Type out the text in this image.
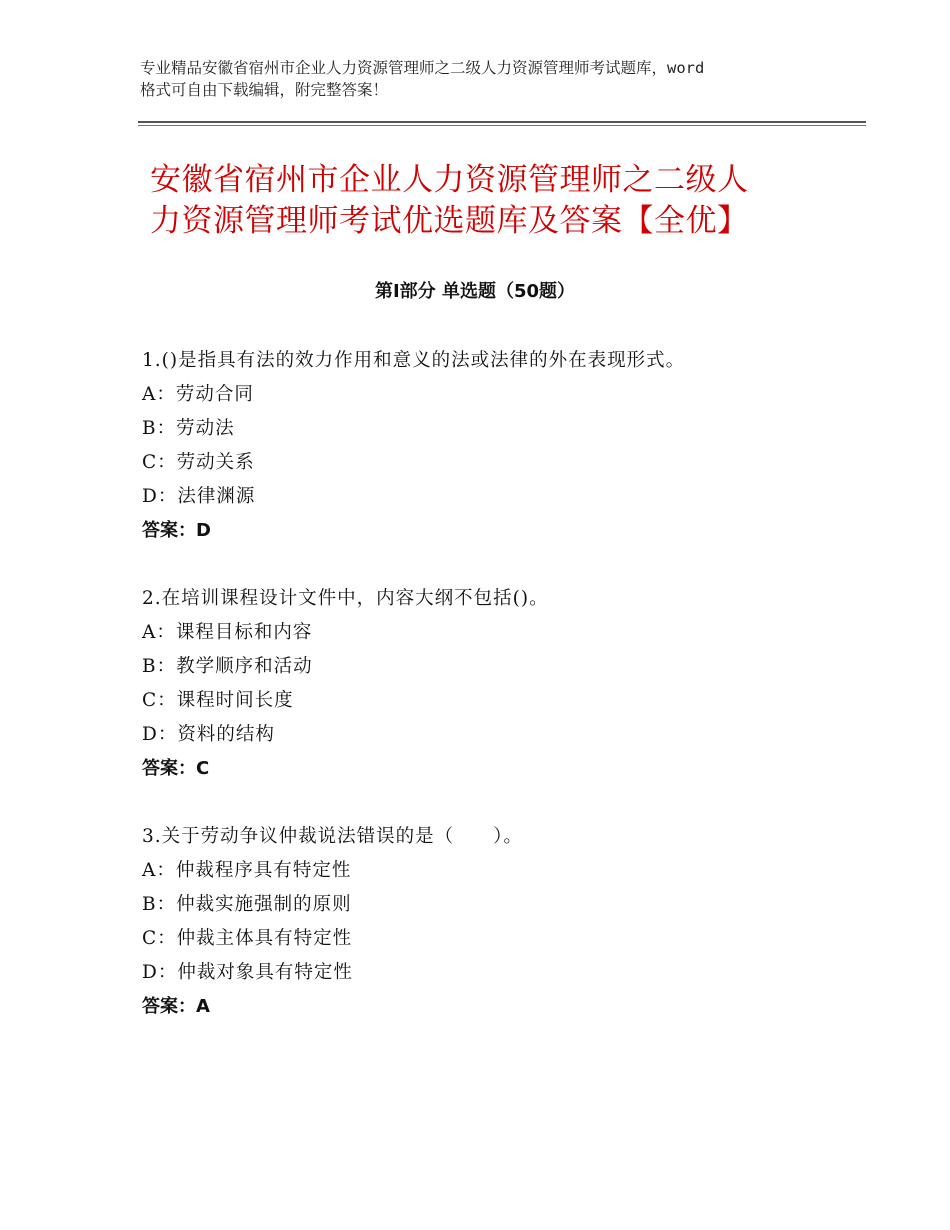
专业精品安徽省宿州市企业人力资源管理师之二级人力资源管理师考试题库，word
格式可自由下载编辑，附完整答案！
安徽省宿州市企业人力资源管理师之二级人
力资源管理师考试优选题库及答案【全优】
第Ⅰ部分 单选题（50题）
1.()是指具有法的效力作用和意义的法或法律的外在表现形式。
A：劳动合同
B：劳动法
C：劳动关系
D：法律渊源
答案：D
2.在培训课程设计文件中，内容大纲不包括()。
A：课程目标和内容
B：教学顺序和活动
C：课程时间长度
D：资料的结构
答案：C
3.关于劳动争议仲裁说法错误的是（　　）。
A：仲裁程序具有特定性
B：仲裁实施强制的原则
C：仲裁主体具有特定性
D：仲裁对象具有特定性
答案：A
